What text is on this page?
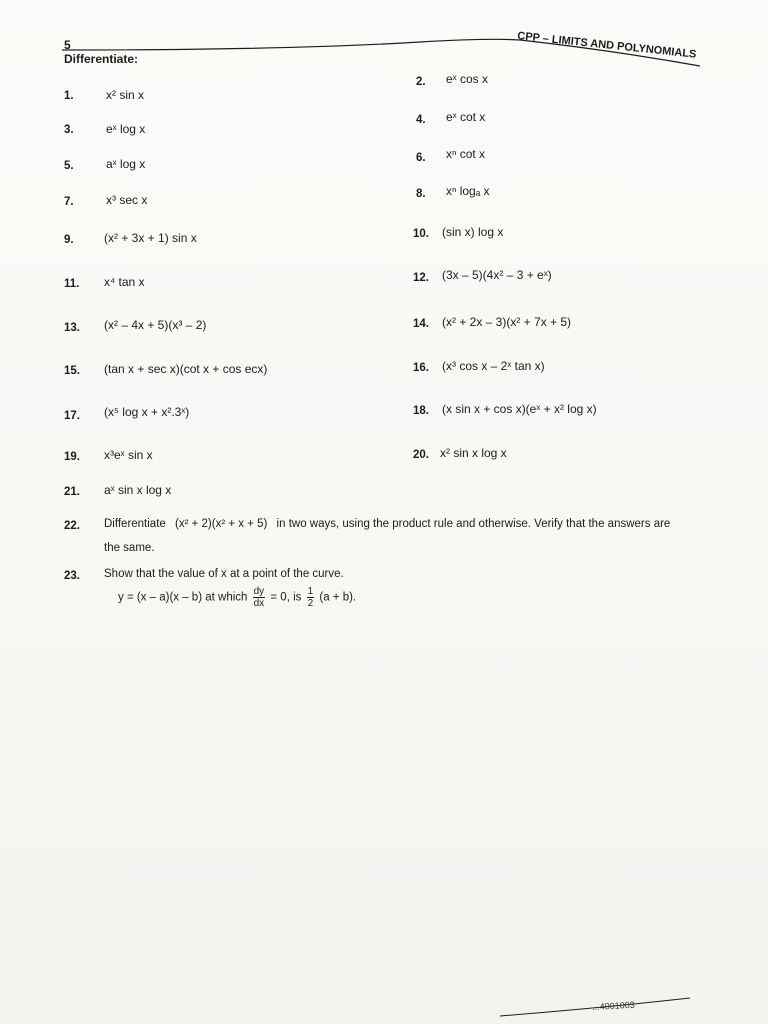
5
Differentiate:	CPP – LIMITS AND POLYNOMIALS
1.	x² sin x
2. eˣ cos x
3.	eˣ log x
4. eˣ cot x
5.	aˣ log x	6. xⁿ cot x
7.	x³ sec x	8. xⁿ logₐ x
9.	(x² + 3x + 1) sin x	10. (sin x) log x
11. x⁴ tan x	12. (3x – 5)(4x² – 3 + eˣ)
13. (x² – 4x + 5)(x³ – 2)	14. (x² + 2x – 3)(x² + 7x + 5)
15. (tan x + sec x)(cot x + cos ecx)	16. (x³ cos x – 2ˣ tan x)
17. (x⁵ log x + x².3ˣ)	18. (x sin x + cos x)(eˣ + x² log x)
19. x³eˣ sin x	20. x² sin x log x
21. aˣ sin x log x
22. Differentiate (x² + 2)(x² + x + 5) in two ways, using the product rule and otherwise. Verify that the answers are
the same.
23. Show that the value of x at a point of the curve.
y = (x – a)(x – b) at which $\frac{dy}{dx} = 0$, is $\frac{1}{2} (a + b)$.
...4001003
